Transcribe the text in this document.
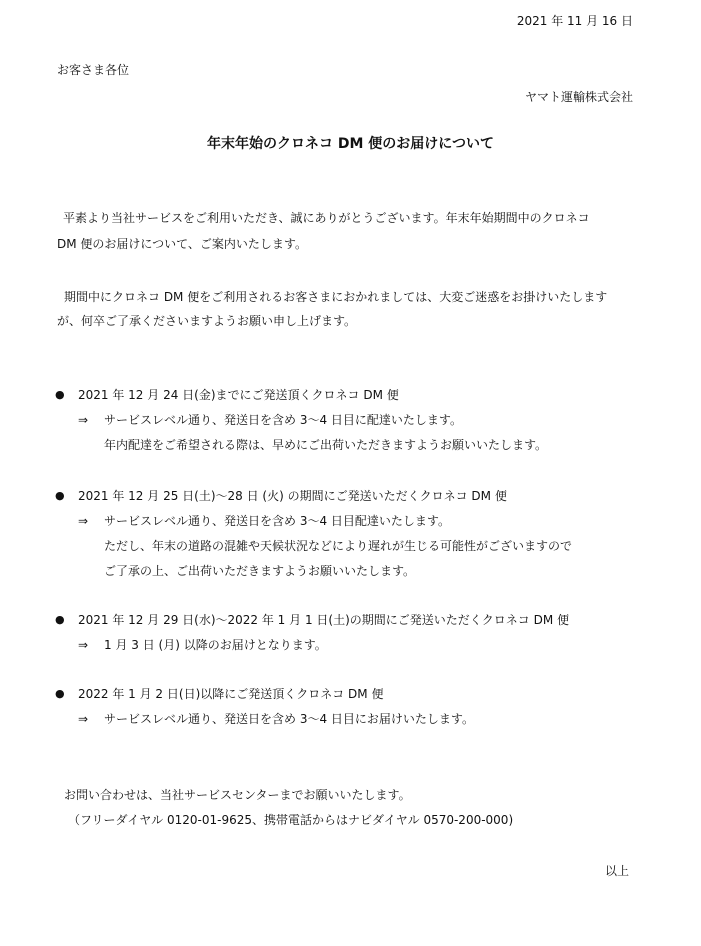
2021 年 11 月 16 日
お客さま各位
ヤマト運輸株式会社
年末年始のクロネコ DM 便のお届けについて
平素より当社サービスをご利用いただき、誠にありがとうございます。年末年始期間中のクロネコ
DM 便のお届けについて、ご案内いたします。
期間中にクロネコ DM 便をご利用されるお客さまにおかれましては、大変ご迷惑をお掛けいたします
が、何卒ご了承くださいますようお願い申し上げます。
● 2021 年 12 月 24 日(金)までにご発送頂くクロネコ DM 便
⇒ サービスレベル通り、発送日を含め 3～4 日目に配達いたします。
年内配達をご希望される際は、早めにご出荷いただきますようお願いいたします。
● 2021 年 12 月 25 日(土)～28 日 (火) の期間にご発送いただくクロネコ DM 便
⇒ サービスレベル通り、発送日を含め 3～4 日目配達いたします。
ただし、年末の道路の混雑や天候状況などにより遅れが生じる可能性がございますので
ご了承の上、ご出荷いただきますようお願いいたします。
● 2021 年 12 月 29 日(水)～2022 年 1 月 1 日(土)の期間にご発送いただくクロネコ DM 便
⇒ 1 月 3 日 (月) 以降のお届けとなります。
● 2022 年 1 月 2 日(日)以降にご発送頂くクロネコ DM 便
⇒ サービスレベル通り、発送日を含め 3～4 日目にお届けいたします。
お問い合わせは、当社サービスセンターまでお願いいたします。
（フリーダイヤル 0120-01-9625、携帯電話からはナビダイヤル 0570-200-000)
以上
